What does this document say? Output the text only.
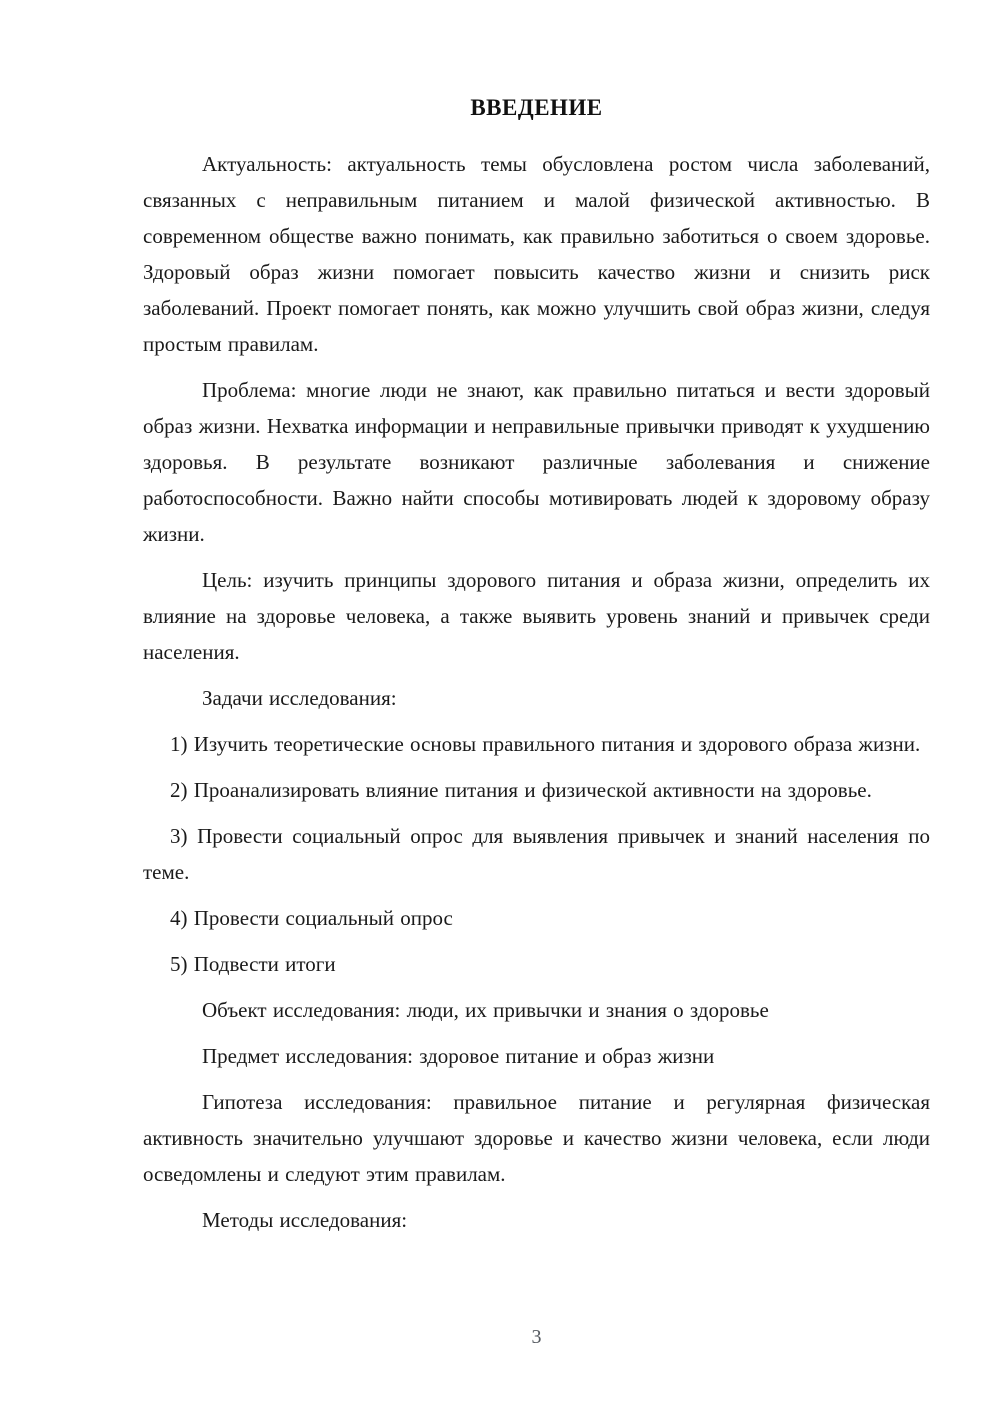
ВВЕДЕНИЕ

Актуальность: актуальность темы обусловлена ростом числа заболеваний, связанных с неправильным питанием и малой физической активностью. В современном обществе важно понимать, как правильно заботиться о своем здоровье. Здоровый образ жизни помогает повысить качество жизни и снизить риск заболеваний. Проект помогает понять, как можно улучшить свой образ жизни, следуя простым правилам.

Проблема: многие люди не знают, как правильно питаться и вести здоровый образ жизни. Нехватка информации и неправильные привычки приводят к ухудшению здоровья. В результате возникают различные заболевания и снижение работоспособности. Важно найти способы мотивировать людей к здоровому образу жизни.

Цель: изучить принципы здорового питания и образа жизни, определить их влияние на здоровье человека, а также выявить уровень знаний и привычек среди населения.

Задачи исследования:

1) Изучить теоретические основы правильного питания и здорового образа жизни.

2) Проанализировать влияние питания и физической активности на здоровье.

3) Провести социальный опрос для выявления привычек и знаний населения по теме.

4) Провести социальный опрос

5) Подвести итоги

Объект исследования: люди, их привычки и знания о здоровье

Предмет исследования: здоровое питание и образ жизни

Гипотеза исследования: правильное питание и регулярная физическая активность значительно улучшают здоровье и качество жизни человека, если люди осведомлены и следуют этим правилам.

Методы исследования:

3
